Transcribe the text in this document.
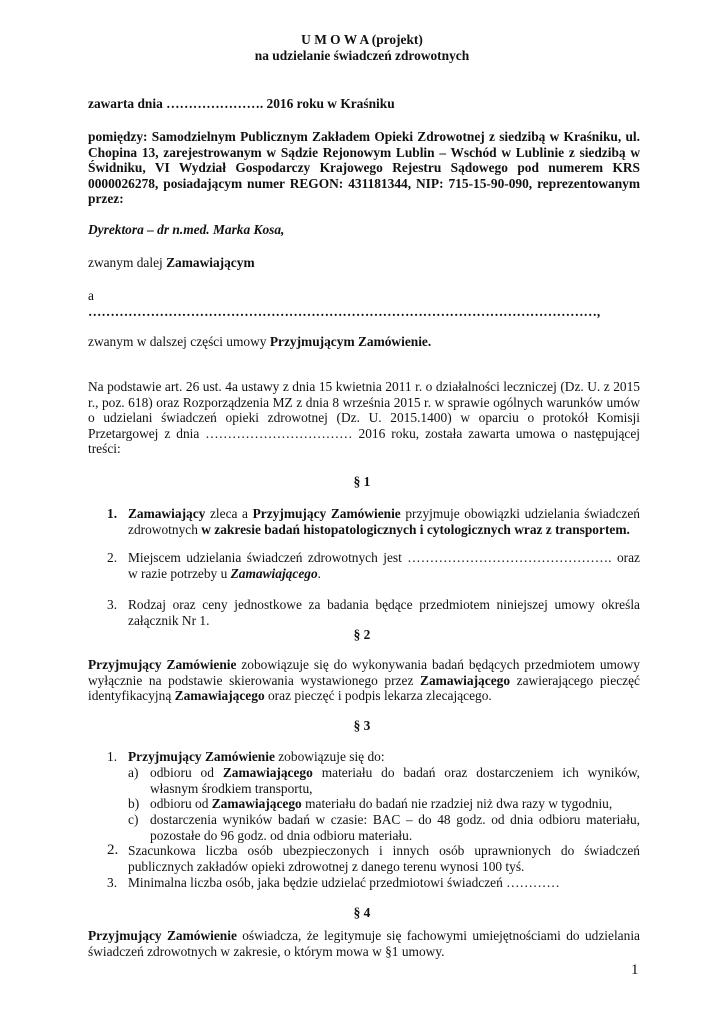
U M O W A (projekt)
na udzielanie świadczeń zdrowotnych
zawarta dnia …………………. 2016 roku w Kraśniku
pomiędzy: Samodzielnym Publicznym Zakładem Opieki Zdrowotnej z siedzibą w Kraśniku, ul. Chopina 13, zarejestrowanym w Sądzie Rejonowym Lublin – Wschód w Lublinie z siedzibą w Świdniku, VI Wydział Gospodarczy Krajowego Rejestru Sądowego pod numerem KRS 0000026278, posiadającym numer REGON: 431181344, NIP: 715-15-90-090, reprezentowanym przez:
Dyrektora – dr n.med. Marka Kosa,
zwanym dalej Zamawiającym
a
……………………………………………………………………………………………………,
zwanym w dalszej części umowy Przyjmującym Zamówienie.
Na podstawie art. 26 ust. 4a ustawy z dnia 15 kwietnia 2011 r. o działalności leczniczej (Dz. U. z 2015 r., poz. 618) oraz Rozporządzenia MZ z dnia 8 września 2015 r. w sprawie ogólnych warunków umów o udzielani świadczeń opieki zdrowotnej (Dz. U. 2015.1400) w oparciu o protokół Komisji Przetargowej z dnia …………………………… 2016 roku, została zawarta umowa o następującej treści:
§ 1
1. Zamawiający zleca a Przyjmujący Zamówienie przyjmuje obowiązki udzielania świadczeń zdrowotnych w zakresie badań histopatologicznych i cytologicznych wraz z transportem.
2. Miejscem udzielania świadczeń zdrowotnych jest ………………………………………. oraz w razie potrzeby u Zamawiającego.
3. Rodzaj oraz ceny jednostkowe za badania będące przedmiotem niniejszej umowy określa załącznik Nr 1.
§ 2
Przyjmujący Zamówienie zobowiązuje się do wykonywania badań będących przedmiotem umowy wyłącznie na podstawie skierowania wystawionego przez Zamawiającego zawierającego pieczęć identyfikacyjną Zamawiającego oraz pieczęć i podpis lekarza zlecającego.
§ 3
1. Przyjmujący Zamówienie zobowiązuje się do:
a) odbioru od Zamawiającego materiału do badań oraz dostarczeniem ich wyników, własnym środkiem transportu,
b) odbioru od Zamawiającego materiału do badań nie rzadziej niż dwa razy w tygodniu,
c) dostarczenia wyników badań w czasie: BAC – do 48 godz. od dnia odbioru materiału, pozostałe do 96 godz. od dnia odbioru materiału.
2. Szacunkowa liczba osób ubezpieczonych i innych osób uprawnionych do świadczeń publicznych zakładów opieki zdrowotnej z danego terenu wynosi 100 tyś.
3. Minimalna liczba osób, jaka będzie udzielać przedmiotowi świadczeń …………
§ 4
Przyjmujący Zamówienie oświadcza, że legitymuje się fachowymi umiejętnościami do udzielania świadczeń zdrowotnych w zakresie, o którym mowa w §1 umowy.
1
